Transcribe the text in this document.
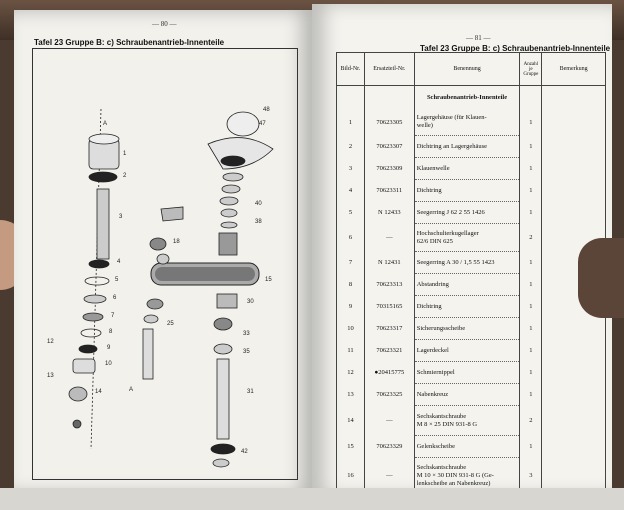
— 80 —
Tafel 23 Gruppe B: c) Schraubenantrieb-Innenteile
A
1
2
3
4
5
6
7
8
9
10
12
13
14
15
18
25
30
31
33
35
38
40
42
47
48
A
— 81 —
Tafel 23 Gruppe B: c) Schraubenantrieb-Innenteile
Bild-Nr.	Ersatzteil-Nr.	Benennung	Anzahl je Gruppe	Bemerkung
		Schraubenantrieb-Innenteile		
1	70623305	Lagergehäuse (für Klauen-
welle)	1	
2	70623307	Dichtring an Lagergehäuse	1	
3	70623309	Klauenwelle	1	
4	70623311	Dichtring	1	
5	N 12433	Seegerring J 62 2 55 1426	1	
6	—	Hochschulterkugellager
62/6 DIN 625	2	
7	N 12431	Seegerring A 30 / 1,5 55 1423	1	
8	70623313	Abstandring	1	
9	70315165	Dichtring	1	
10	70623317	Sicherungsscheibe	1	
11	70623321	Lagerdeckel	1	
12	●20415775	Schmiernippel	1	
13	70623325	Nabenkreuz	1	
14	—	Sechskantschraube
M 8 × 25 DIN 931-8 G	2	
15	70623329	Gelenkscheibe	1	
16	—	Sechskantschraube
M 10 × 30 DIN 931-8 G (Ge-
lenkscheibe an Nabenkreuz)	3	
